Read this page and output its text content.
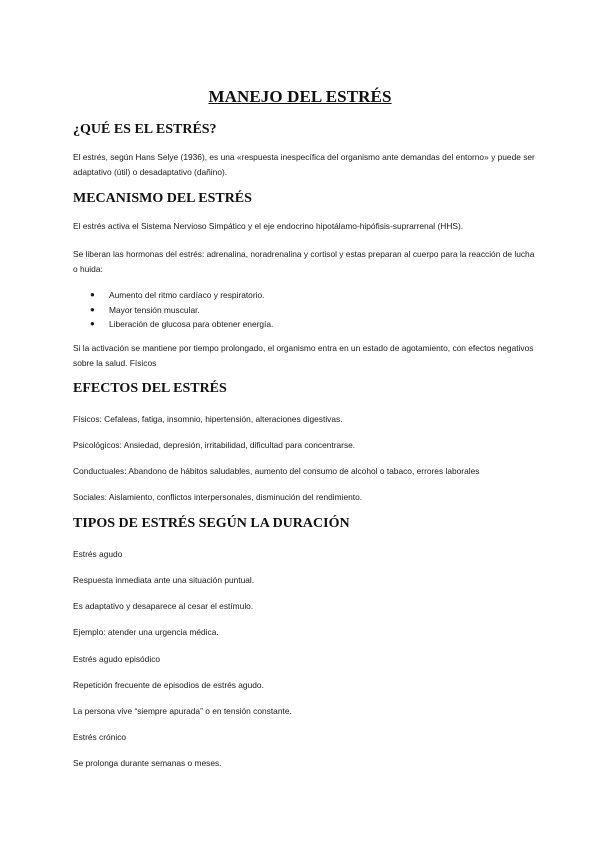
MANEJO DEL ESTRÉS
¿QUÉ ES EL ESTRÉS?
El estrés, según Hans Selye (1936), es una «respuesta inespecífica del organismo ante demandas del entorno» y puede ser adaptativo (útil) o desadaptativo (dañino).
MECANISMO DEL ESTRÉS
El estrés activa el Sistema Nervioso Simpático y el eje endocrino hipotálamo-hipófisis-suprarrenal (HHS).
Se liberan las hormonas del estrés: adrenalina, noradrenalina y cortisol y estas preparan al cuerpo para la reacción de lucha o huida:
● Aumento del ritmo cardíaco y respiratorio.
● Mayor tensión muscular.
● Liberación de glucosa para obtener energía.
Si la activación se mantiene por tiempo prolongado, el organismo entra en un estado de agotamiento, con efectos negativos sobre la salud. Físicos
EFECTOS DEL ESTRÉS
Físicos: Cefaleas, fatiga, insomnio, hipertensión, alteraciones digestivas.
Psicológicos: Ansiedad, depresión, irritabilidad, dificultad para concentrarse.
Conductuales: Abandono de hábitos saludables, aumento del consumo de alcohol o tabaco, errores laborales
Sociales: Aislamiento, conflictos interpersonales, disminución del rendimiento.
TIPOS DE ESTRÉS SEGÚN LA DURACIÓN
Estrés agudo
Respuesta inmediata ante una situación puntual.
Es adaptativo y desaparece al cesar el estímulo.
Ejemplo: atender una urgencia médica.
Estrés agudo episódico
Repetición frecuente de episodios de estrés agudo.
La persona vive “siempre apurada” o en tensión constante.
Estrés crónico
Se prolonga durante semanas o meses.
